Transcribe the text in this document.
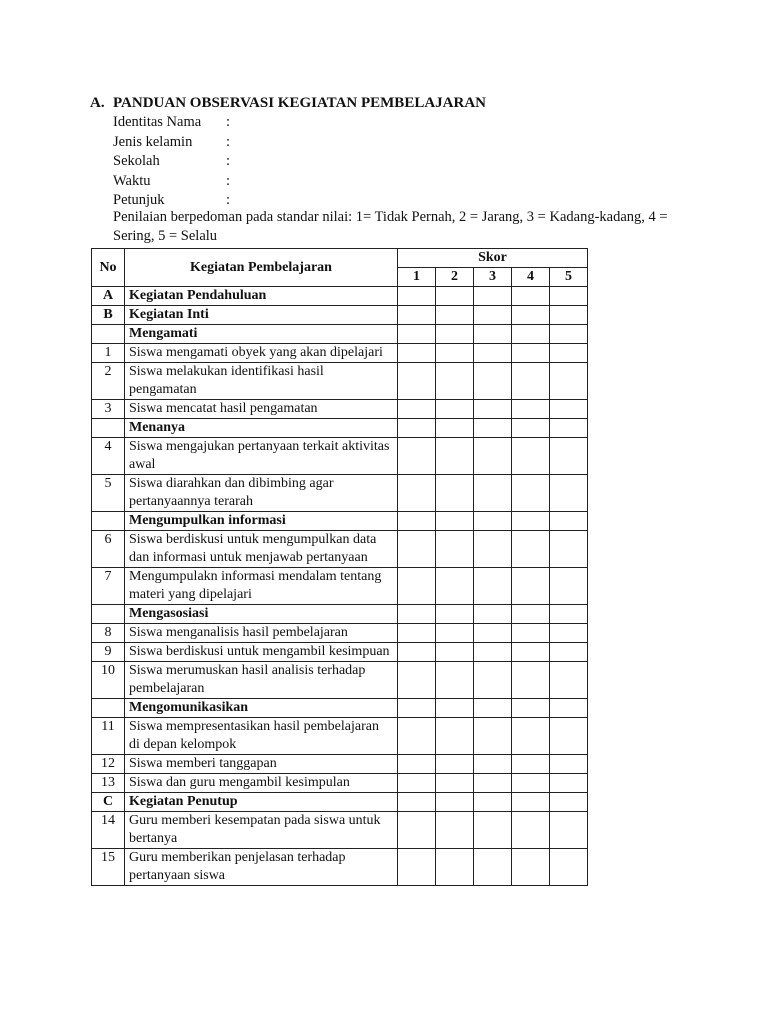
A. PANDUAN OBSERVASI KEGIATAN PEMBELAJARAN
Identitas Nama :
Jenis kelamin :
Sekolah	:
Waktu	:
Petunjuk	:
Penilaian berpedoman pada standar nilai: 1= Tidak Pernah, 2 = Jarang, 3 = Kadang-kadang, 4 = Sering, 5 = Selalu
No	Kegiatan Pembelajaran	Skor				
		1	2	3	4	5
A	Kegiatan Pendahuluan					
B	Kegiatan Inti					
	Mengamati					
1	Siswa mengamati obyek yang akan dipelajari					
2	Siswa melakukan identifikasi hasil pengamatan					
3	Siswa mencatat hasil pengamatan					
	Menanya					
4	Siswa mengajukan pertanyaan terkait aktivitas awal					
5	Siswa diarahkan dan dibimbing agar pertanyaannya terarah					
	Mengumpulkan informasi					
6	Siswa berdiskusi untuk mengumpulkan data dan informasi untuk menjawab pertanyaan					
7	Mengumpulakn informasi mendalam tentang materi yang dipelajari					
	Mengasosiasi					
8	Siswa menganalisis hasil pembelajaran					
9	Siswa berdiskusi untuk mengambil kesimpuan					
10	Siswa merumuskan hasil analisis terhadap pembelajaran					
	Mengomunikasikan					
11	Siswa mempresentasikan hasil pembelajaran di depan kelompok					
12	Siswa memberi tanggapan					
13	Siswa dan guru mengambil kesimpulan					
C	Kegiatan Penutup					
14	Guru memberi kesempatan pada siswa untuk bertanya					
15	Guru memberikan penjelasan terhadap pertanyaan siswa					
